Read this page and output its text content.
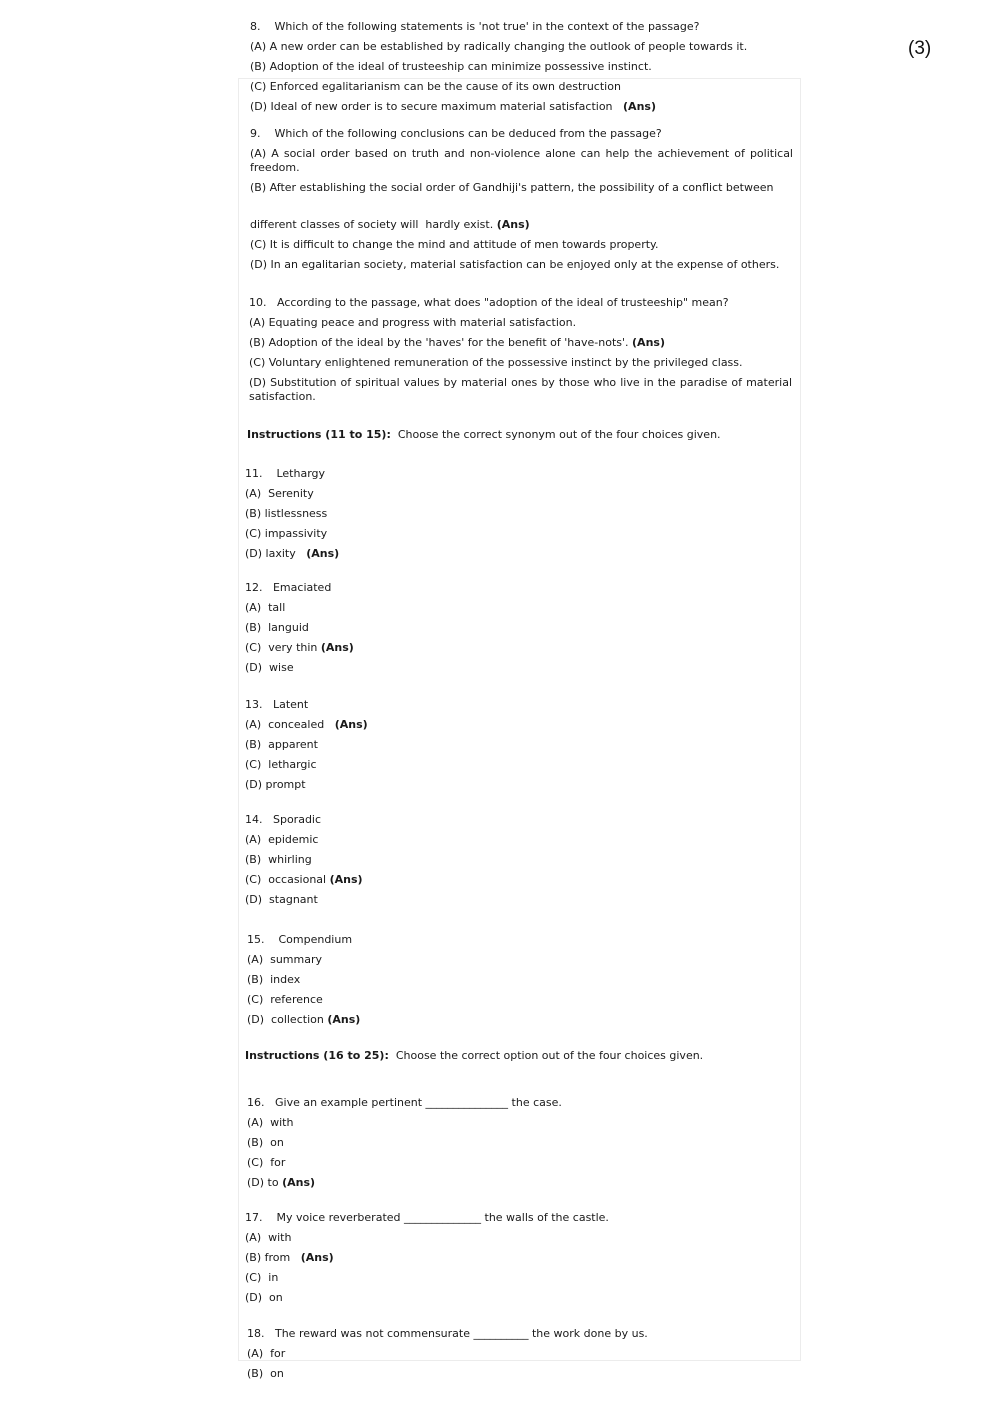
(3)
8.    Which of the following statements is 'not true' in the context of the passage?
(A) A new order can be established by radically changing the outlook of people towards it.
(B) Adoption of the ideal of trusteeship can minimize possessive instinct.
(C) Enforced egalitarianism can be the cause of its own destruction
(D) Ideal of new order is to secure maximum material satisfaction (Ans)
9.    Which of the following conclusions can be deduced from the passage?
(A) A social order based on truth and non-violence alone can help the achievement of political freedom.
(B) After establishing the social order of Gandhiji's pattern, the possibility of a conflict between
different classes of society will  hardly exist. (Ans)
(C) It is difficult to change the mind and attitude of men towards property.
(D) In an egalitarian society, material satisfaction can be enjoyed only at the expense of others.
10.   According to the passage, what does "adoption of the ideal of trusteeship" mean?
(A) Equating peace and progress with material satisfaction.
(B) Adoption of the ideal by the 'haves' for the benefit of 'have-nots'. (Ans)
(C) Voluntary enlightened remuneration of the possessive instinct by the privileged class.
(D) Substitution of spiritual values by material ones by those who live in the paradise of material satisfaction.
Instructions (11 to 15): Choose the correct synonym out of the four choices given.
11.    Lethargy
(A)  Serenity
(B) listlessness
(C) impassivity
(D) laxity (Ans)
12.   Emaciated
(A)  tall
(B)  languid
(C)  very thin (Ans)
(D)  wise
13.   Latent
(A)  concealed (Ans)
(B)  apparent
(C)  lethargic
(D) prompt
14.   Sporadic
(A)  epidemic
(B)  whirling
(C)  occasional (Ans)
(D)  stagnant
15.    Compendium
(A)  summary
(B)  index
(C)  reference
(D)  collection (Ans)
Instructions (16 to 25): Choose the correct option out of the four choices given.
16.   Give an example pertinent _______________ the case.
(A)  with
(B)  on
(C)  for
(D) to (Ans)
17.    My voice reverberated ______________ the walls of the castle.
(A)  with
(B) from (Ans)
(C)  in
(D)  on
18.   The reward was not commensurate __________ the work done by us.
(A)  for
(B)  on
